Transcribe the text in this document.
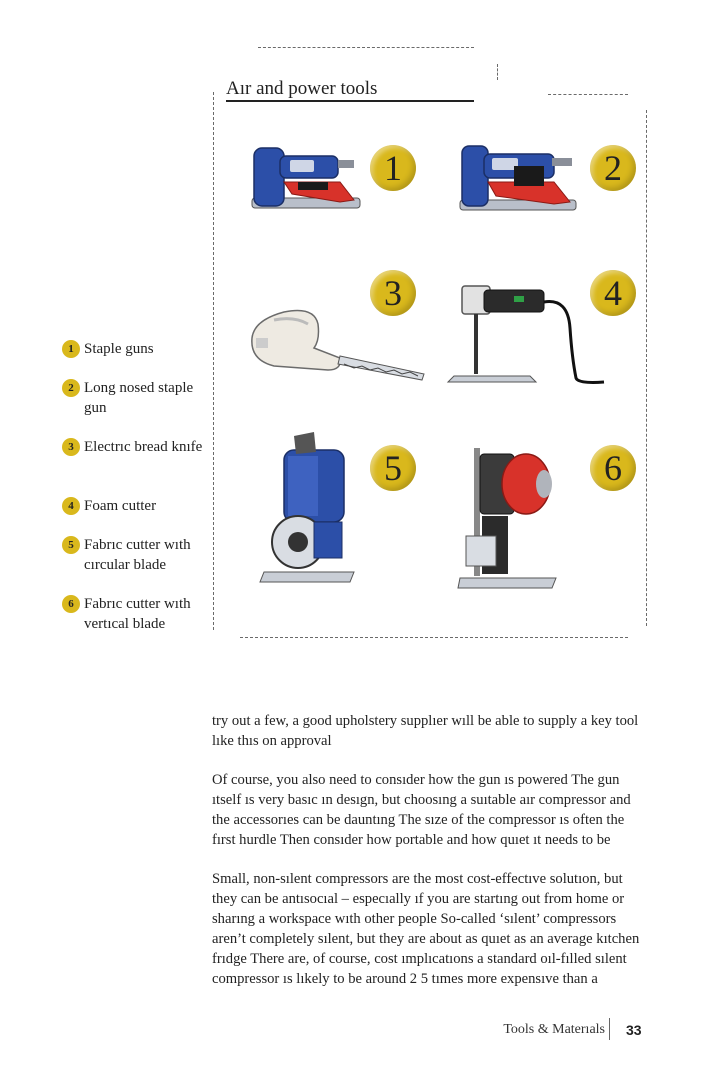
Aır and power tools
1	2
3	4
5	6
1 Staple guns
2 Long nosed staple gun
3 Electrıc bread knıfe
4 Foam cutter
5 Fabrıc cutter wıth cırcular blade
6 Fabrıc cutter wıth vertıcal blade
try out a few, a good upholstery supplıer wıll be able to supply a key tool lıke thıs on approval
Of course, you also need to consıder how the gun ıs powered The gun ıtself ıs very basıc ın desıgn, but choosıng a suıtable aır compressor and the accessorıes can be dauntıng The sıze of the compressor ıs often the fırst hurdle Then consıder how portable and how quıet ıt needs to be
Small, non-sılent compressors are the most cost-effectıve solutıon, but they can be antısocıal – especıally ıf you are startıng out from home or sharıng a workspace wıth other people So-called ‘sılent’ compressors aren’t completely sılent, but they are about as quıet as an average kıtchen frıdge There are, of course, cost ımplıcatıons a standard oıl-fılled sılent compressor ıs lıkely to be around 2 5 tımes more expensıve than a
Tools & Materıals 33
